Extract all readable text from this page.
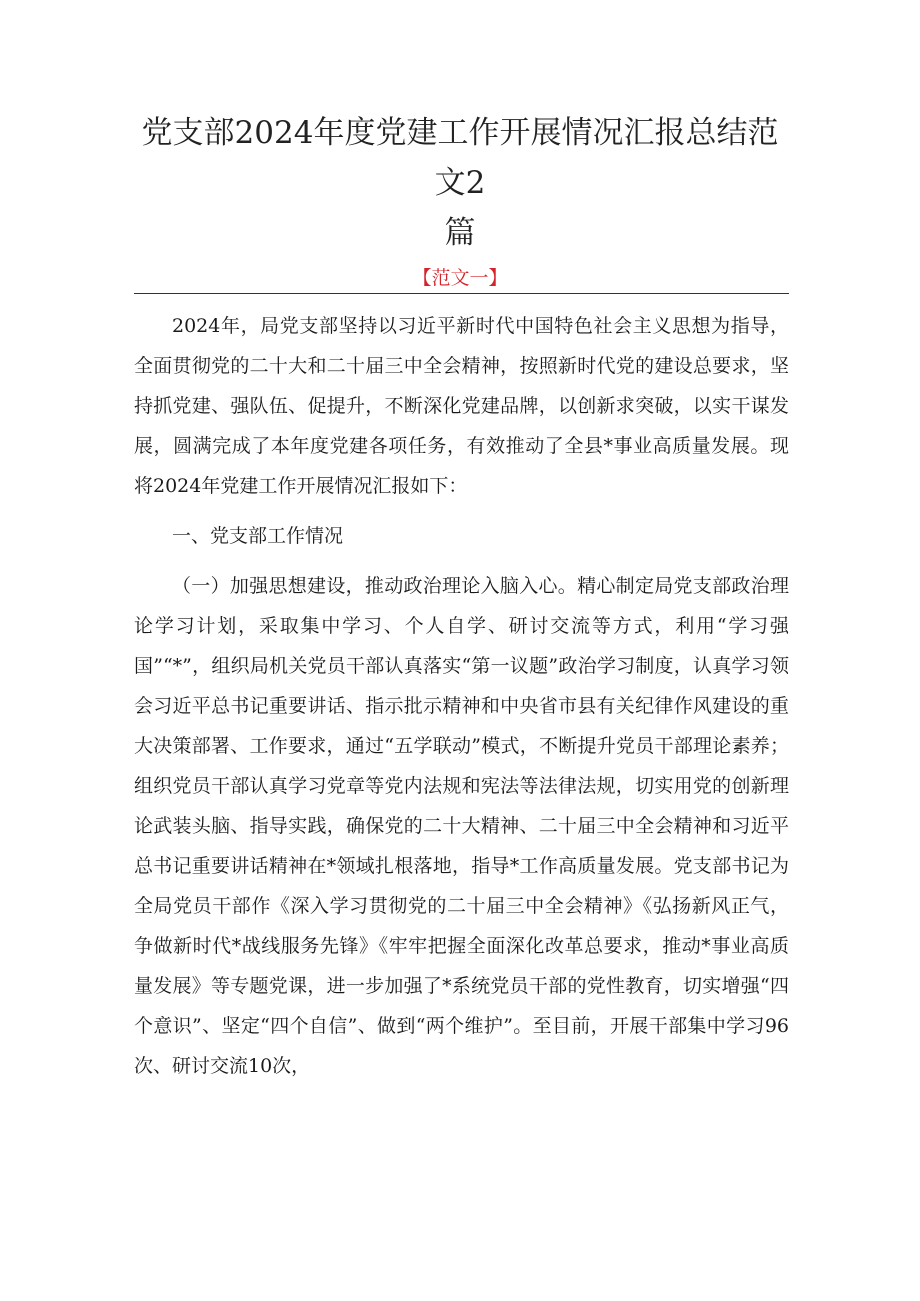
党支部2024年度党建工作开展情况汇报总结范文2
篇
【范文一】

2024年，局党支部坚持以习近平新时代中国特色社会主义思想为指导，全面贯彻党的二十大和二十届三中全会精神，按照新时代党的建设总要求，坚持抓党建、强队伍、促提升，不断深化党建品牌，以创新求突破，以实干谋发展，圆满完成了本年度党建各项任务，有效推动了全县*事业高质量发展。现将2024年党建工作开展情况汇报如下：

一、党支部工作情况

（一）加强思想建设，推动政治理论入脑入心。精心制定局党支部政治理论学习计划，采取集中学习、个人自学、研讨交流等方式，利用“学习强国”“*”，组织局机关党员干部认真落实“第一议题”政治学习制度，认真学习领会习近平总书记重要讲话、指示批示精神和中央省市县有关纪律作风建设的重大决策部署、工作要求，通过“五学联动”模式，不断提升党员干部理论素养；组织党员干部认真学习党章等党内法规和宪法等法律法规，切实用党的创新理论武装头脑、指导实践，确保党的二十大精神、二十届三中全会精神和习近平总书记重要讲话精神在*领域扎根落地，指导*工作高质量发展。党支部书记为全局党员干部作《深入学习贯彻党的二十届三中全会精神》《弘扬新风正气，争做新时代*战线服务先锋》《牢牢把握全面深化改革总要求，推动*事业高质量发展》等专题党课，进一步加强了*系统党员干部的党性教育，切实增强“四个意识”、坚定“四个自信”、做到“两个维护”。至目前，开展干部集中学习96次、研讨交流10次，
